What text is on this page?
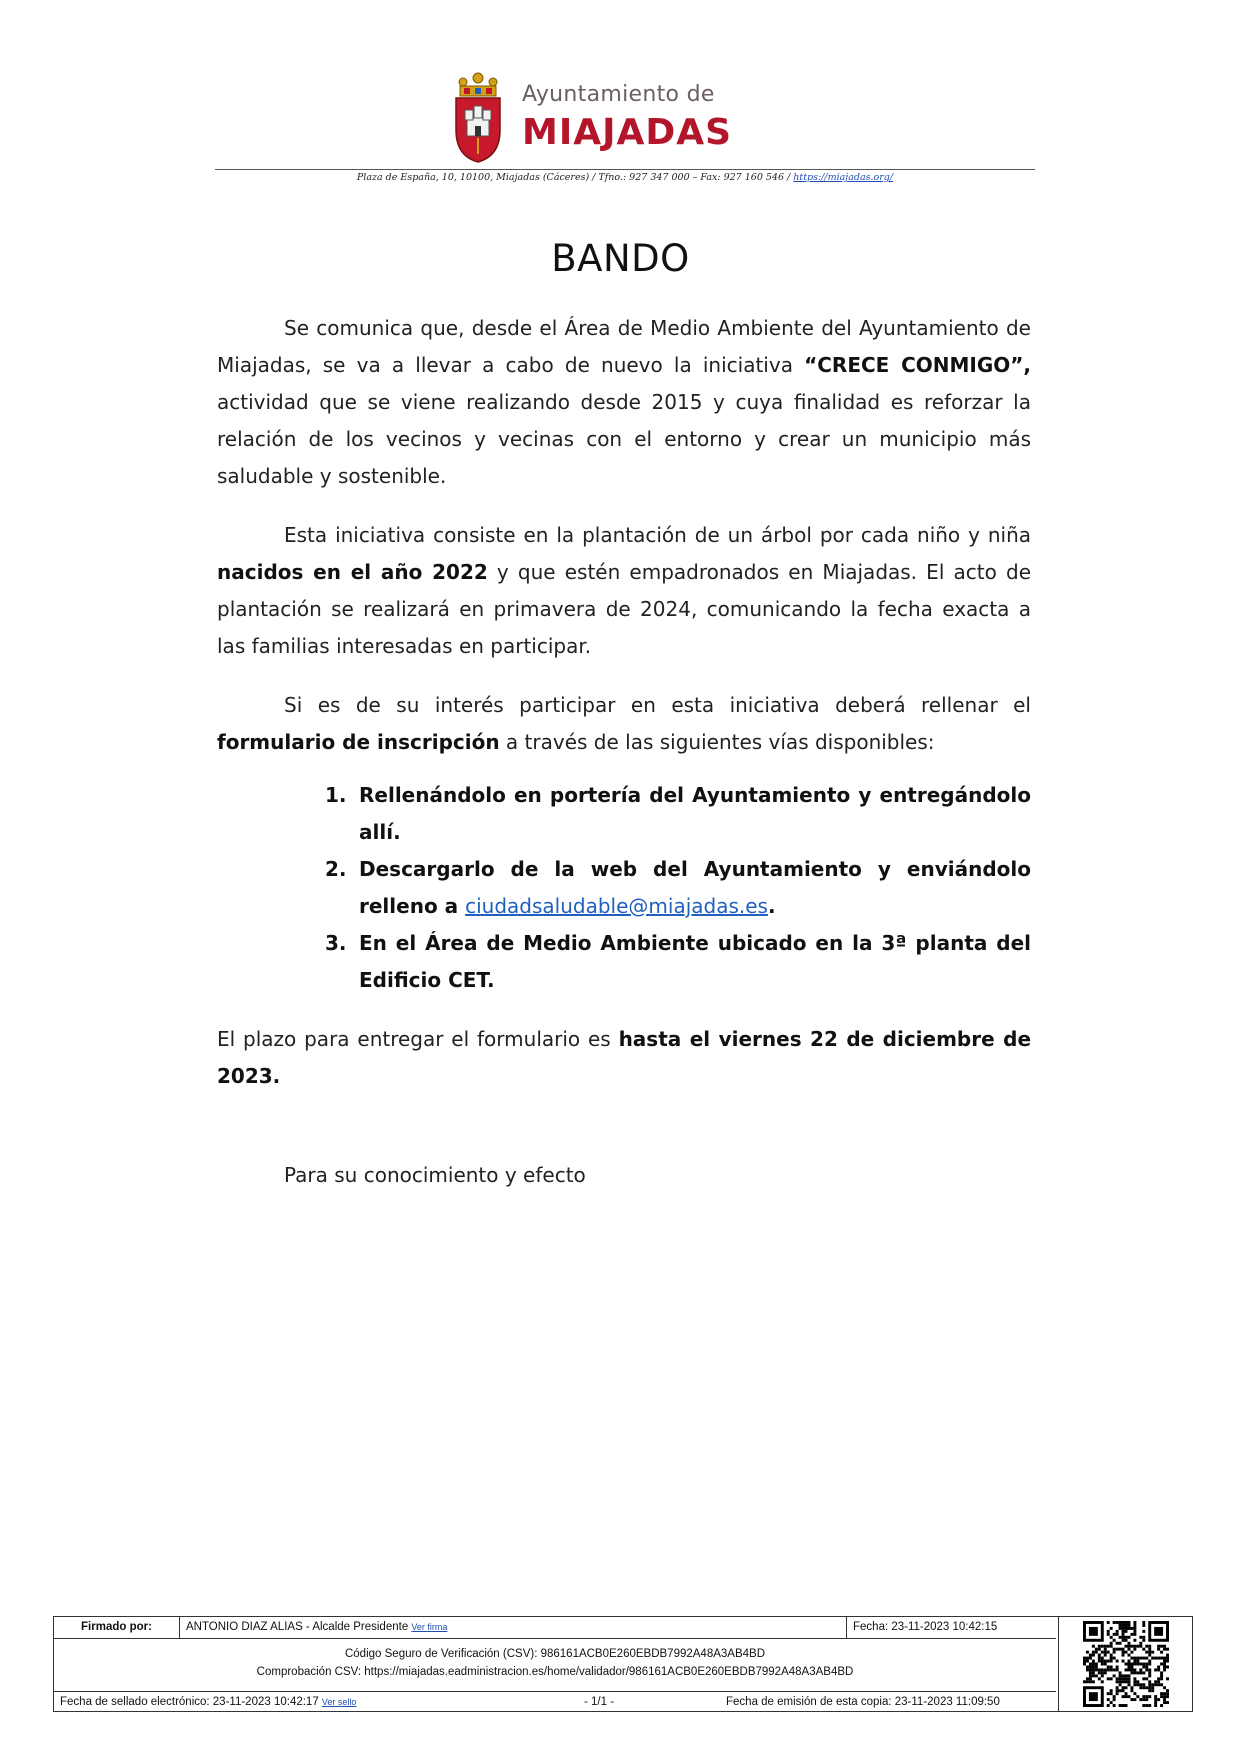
Ayuntamiento de
MIAJADAS
Plaza de España, 10, 10100, Miajadas (Cáceres) / Tfno.: 927 347 000 – Fax: 927 160 546 / https://miajadas.org/
BANDO

Se comunica que, desde el Área de Medio Ambiente del Ayuntamiento de Miajadas, se va a llevar a cabo de nuevo la iniciativa “CRECE CONMIGO”, actividad que se viene realizando desde 2015 y cuya finalidad es reforzar la relación de los vecinos y vecinas con el entorno y crear un municipio más saludable y sostenible.

Esta iniciativa consiste en la plantación de un árbol por cada niño y niña nacidos en el año 2022 y que estén empadronados en Miajadas. El acto de plantación se realizará en primavera de 2024, comunicando la fecha exacta a las familias interesadas en participar.

Si es de su interés participar en esta iniciativa deberá rellenar el formulario de inscripción a través de las siguientes vías disponibles:

1. Rellenándolo en portería del Ayuntamiento y entregándolo allí.
2. Descargarlo de la web del Ayuntamiento y enviándolo relleno a ciudadsaludable@miajadas.es.
3. En el Área de Medio Ambiente ubicado en la 3ª planta del Edificio CET.

El plazo para entregar el formulario es hasta el viernes 22 de diciembre de 2023.

Para su conocimiento y efecto
Firmado por:	ANTONIO DIAZ ALIAS - Alcalde Presidente Ver firma	Fecha: 23-11-2023 10:42:15
Código Seguro de Verificación (CSV): 986161ACB0E260EBDB7992A48A3AB4BD
Comprobación CSV: https://miajadas.eadministracion.es/home/validador/986161ACB0E260EBDB7992A48A3AB4BD
Fecha de sellado electrónico: 23-11-2023 10:42:17 Ver sello	- 1/1 -	Fecha de emisión de esta copia: 23-11-2023 11:09:50
